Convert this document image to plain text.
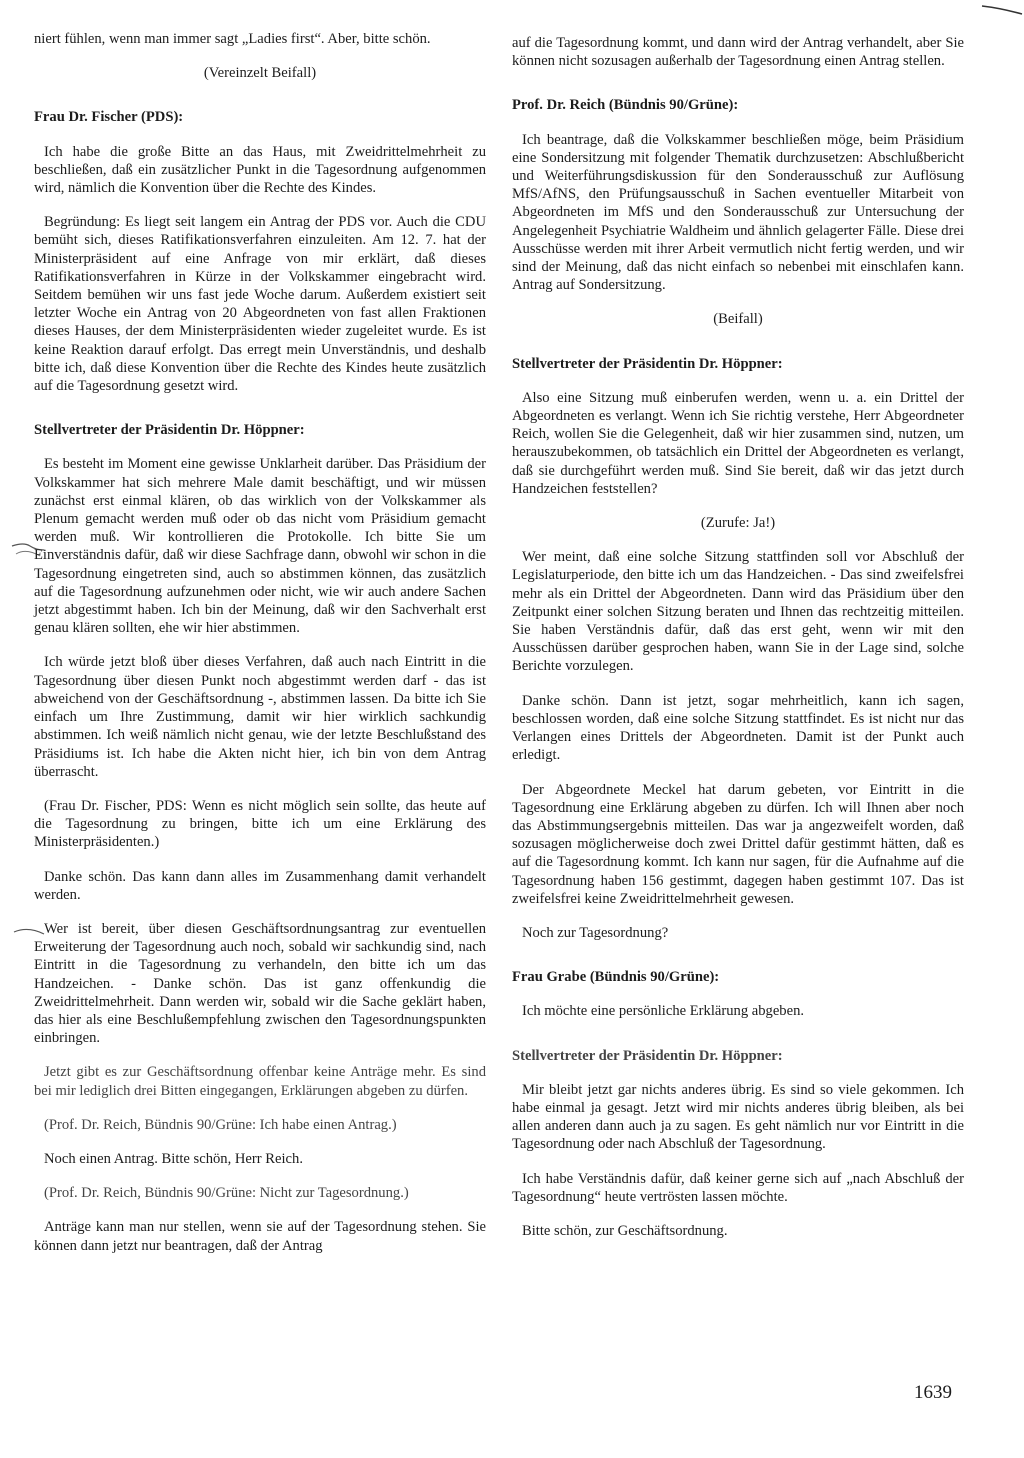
niert fühlen, wenn man immer sagt „Ladies first“. Aber, bitte schön.

(Vereinzelt Beifall)

Frau Dr. Fischer (PDS):

Ich habe die große Bitte an das Haus, mit Zweidrittelmehrheit zu beschließen, daß ein zusätzlicher Punkt in die Tagesordnung aufgenommen wird, nämlich die Konvention über die Rechte des Kindes.

Begründung: Es liegt seit langem ein Antrag der PDS vor. Auch die CDU bemüht sich, dieses Ratifikationsverfahren einzuleiten. Am 12. 7. hat der Ministerpräsident auf eine Anfrage von mir erklärt, daß dieses Ratifikationsverfahren in Kürze in der Volkskammer eingebracht wird. Seitdem bemühen wir uns fast jede Woche darum. Außerdem existiert seit letzter Woche ein Antrag von 20 Abgeordneten von fast allen Fraktionen dieses Hauses, der dem Ministerpräsidenten wieder zugeleitet wurde. Es ist keine Reaktion darauf erfolgt. Das erregt mein Unverständnis, und deshalb bitte ich, daß diese Konvention über die Rechte des Kindes heute zusätzlich auf die Tagesordnung gesetzt wird.

Stellvertreter der Präsidentin Dr. Höppner:

Es besteht im Moment eine gewisse Unklarheit darüber. Das Präsidium der Volkskammer hat sich mehrere Male damit beschäftigt, und wir müssen zunächst erst einmal klären, ob das wirklich von der Volkskammer als Plenum gemacht werden muß oder ob das nicht vom Präsidium gemacht werden muß. Wir kontrollieren die Protokolle. Ich bitte Sie um Einverständnis dafür, daß wir diese Sachfrage dann, obwohl wir schon in die Tagesordnung eingetreten sind, auch so abstimmen können, das zusätzlich auf die Tagesordnung aufzunehmen oder nicht, wie wir auch andere Sachen jetzt abgestimmt haben. Ich bin der Meinung, daß wir den Sachverhalt erst genau klären sollten, ehe wir hier abstimmen.

Ich würde jetzt bloß über dieses Verfahren, daß auch nach Eintritt in die Tagesordnung über diesen Punkt noch abgestimmt werden darf - das ist abweichend von der Geschäftsordnung -, abstimmen lassen. Da bitte ich Sie einfach um Ihre Zustimmung, damit wir hier wirklich sachkundig abstimmen. Ich weiß nämlich nicht genau, wie der letzte Beschlußstand des Präsidiums ist. Ich habe die Akten nicht hier, ich bin von dem Antrag überrascht.

(Frau Dr. Fischer, PDS: Wenn es nicht möglich sein sollte, das heute auf die Tagesordnung zu bringen, bitte ich um eine Erklärung des Ministerpräsidenten.)

Danke schön. Das kann dann alles im Zusammenhang damit verhandelt werden.

Wer ist bereit, über diesen Geschäftsordnungsantrag zur eventuellen Erweiterung der Tagesordnung auch noch, sobald wir sachkundig sind, nach Eintritt in die Tagesordnung zu verhandeln, den bitte ich um das Handzeichen. - Danke schön. Das ist ganz offenkundig die Zweidrittelmehrheit. Dann werden wir, sobald wir die Sache geklärt haben, das hier als eine Beschlußempfehlung zwischen den Tagesordnungspunkten einbringen.

Jetzt gibt es zur Geschäftsordnung offenbar keine Anträge mehr. Es sind bei mir lediglich drei Bitten eingegangen, Erklärungen abgeben zu dürfen.

(Prof. Dr. Reich, Bündnis 90/Grüne: Ich habe einen Antrag.)

Noch einen Antrag. Bitte schön, Herr Reich.

(Prof. Dr. Reich, Bündnis 90/Grüne: Nicht zur Tagesordnung.)

Anträge kann man nur stellen, wenn sie auf der Tagesordnung stehen. Sie können dann jetzt nur beantragen, daß der Antrag

auf die Tagesordnung kommt, und dann wird der Antrag verhandelt, aber Sie können nicht sozusagen außerhalb der Tagesordnung einen Antrag stellen.

Prof. Dr. Reich (Bündnis 90/Grüne):

Ich beantrage, daß die Volkskammer beschließen möge, beim Präsidium eine Sondersitzung mit folgender Thematik durchzusetzen: Abschlußbericht und Weiterführungsdiskussion für den Sonderausschuß zur Auflösung MfS/AfNS, den Prüfungsausschuß in Sachen eventueller Mitarbeit von Abgeordneten im MfS und den Sonderausschuß zur Untersuchung der Angelegenheit Psychiatrie Waldheim und ähnlich gelagerter Fälle. Diese drei Ausschüsse werden mit ihrer Arbeit vermutlich nicht fertig werden, und wir sind der Meinung, daß das nicht einfach so nebenbei mit einschlafen kann. Antrag auf Sondersitzung.

(Beifall)

Stellvertreter der Präsidentin Dr. Höppner:

Also eine Sitzung muß einberufen werden, wenn u. a. ein Drittel der Abgeordneten es verlangt. Wenn ich Sie richtig verstehe, Herr Abgeordneter Reich, wollen Sie die Gelegenheit, daß wir hier zusammen sind, nutzen, um herauszubekommen, ob tatsächlich ein Drittel der Abgeordneten es verlangt, daß sie durchgeführt werden muß. Sind Sie bereit, daß wir das jetzt durch Handzeichen feststellen?

(Zurufe: Ja!)

Wer meint, daß eine solche Sitzung stattfinden soll vor Abschluß der Legislaturperiode, den bitte ich um das Handzeichen. - Das sind zweifelsfrei mehr als ein Drittel der Abgeordneten. Dann wird das Präsidium über den Zeitpunkt einer solchen Sitzung beraten und Ihnen das rechtzeitig mitteilen. Sie haben Verständnis dafür, daß das erst geht, wenn wir mit den Ausschüssen darüber gesprochen haben, wann Sie in der Lage sind, solche Berichte vorzulegen.

Danke schön. Dann ist jetzt, sogar mehrheitlich, kann ich sagen, beschlossen worden, daß eine solche Sitzung stattfindet. Es ist nicht nur das Verlangen eines Drittels der Abgeordneten. Damit ist der Punkt auch erledigt.

Der Abgeordnete Meckel hat darum gebeten, vor Eintritt in die Tagesordnung eine Erklärung abgeben zu dürfen. Ich will Ihnen aber noch das Abstimmungsergebnis mitteilen. Das war ja angezweifelt worden, daß sozusagen möglicherweise doch zwei Drittel dafür gestimmt hätten, daß es auf die Tagesordnung kommt. Ich kann nur sagen, für die Aufnahme auf die Tagesordnung haben 156 gestimmt, dagegen haben gestimmt 107. Das ist zweifelsfrei keine Zweidrittelmehrheit gewesen.

Noch zur Tagesordnung?

Frau Grabe (Bündnis 90/Grüne):

Ich möchte eine persönliche Erklärung abgeben.

Stellvertreter der Präsidentin Dr. Höppner:

Mir bleibt jetzt gar nichts anderes übrig. Es sind so viele gekommen. Ich habe einmal ja gesagt. Jetzt wird mir nichts anderes übrig bleiben, als bei allen anderen dann auch ja zu sagen. Es geht nämlich nur vor Eintritt in die Tagesordnung oder nach Abschluß der Tagesordnung.

Ich habe Verständnis dafür, daß keiner gerne sich auf „nach Abschluß der Tagesordnung“ heute vertrösten lassen möchte.

Bitte schön, zur Geschäftsordnung.

1639
